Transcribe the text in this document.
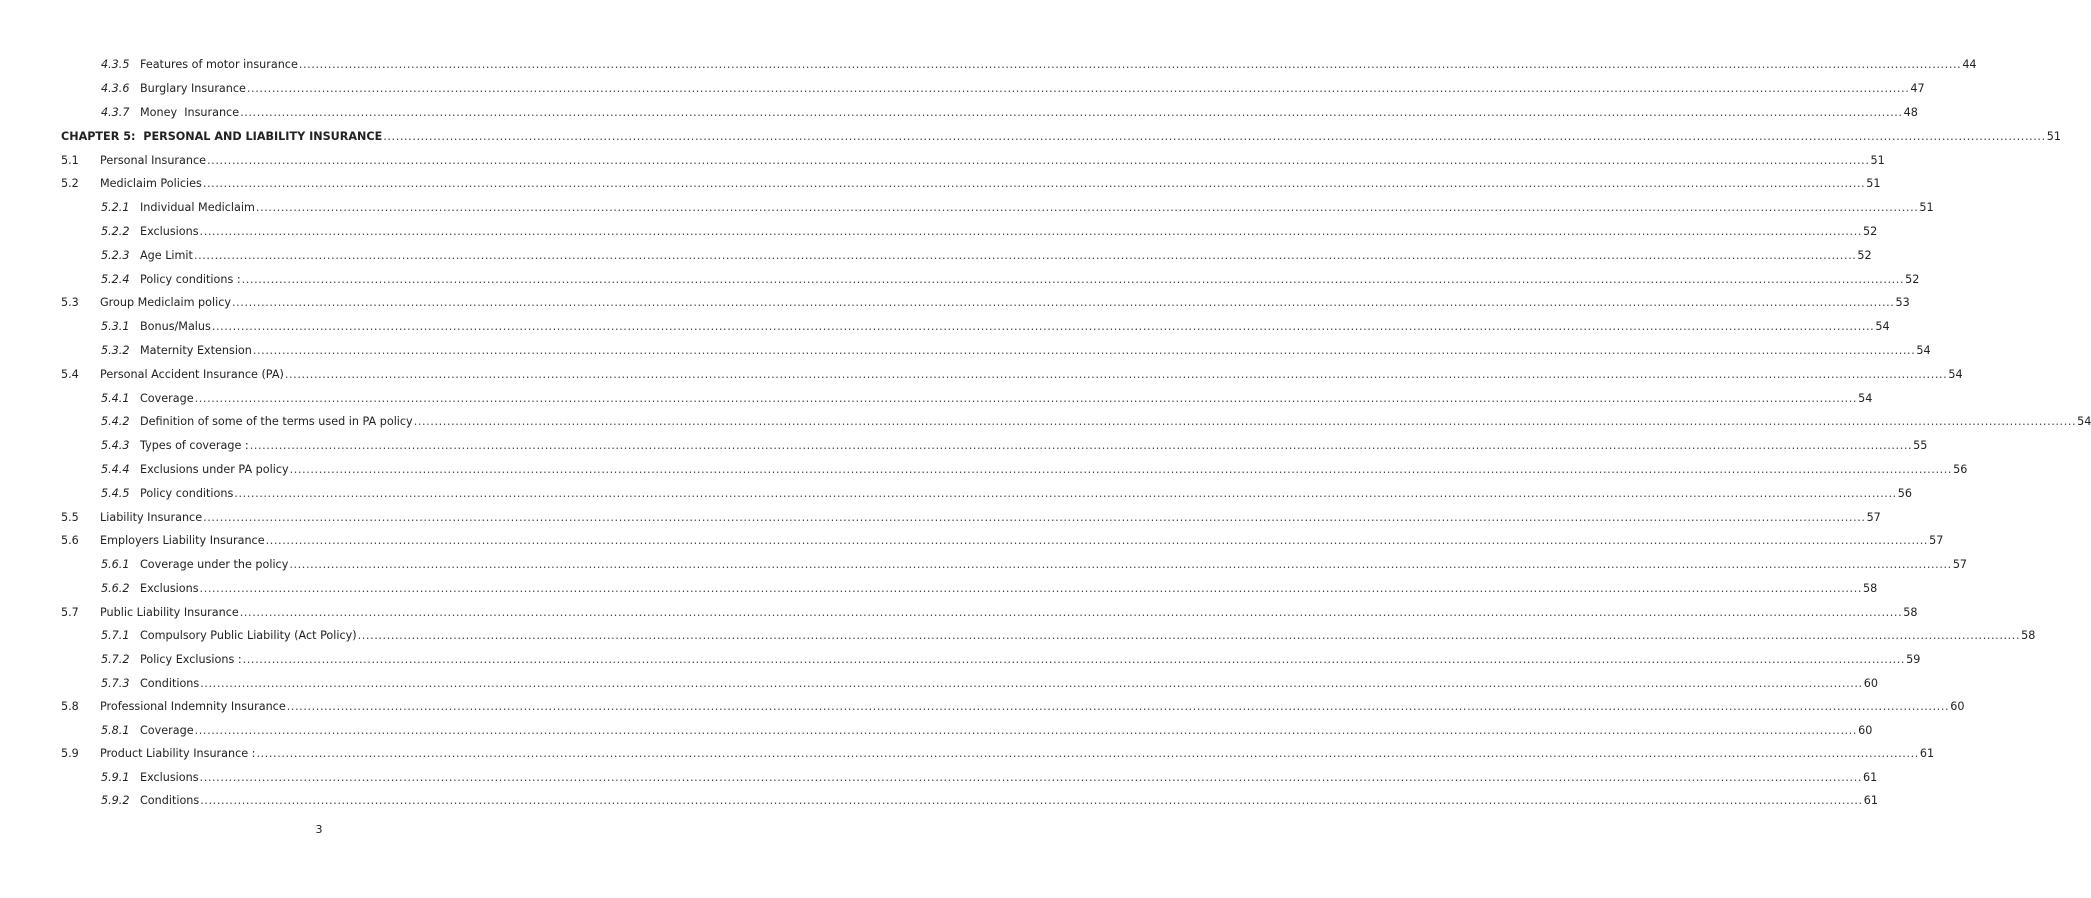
4.3.5 Features of motor insurance ................................................................................................................................................................................................................................................................................................................................................................................................................ 44
4.3.6 Burglary Insurance ................................................................................................................................................................................................................................................................................................................................................................................................................ 47
4.3.7 Money  Insurance ................................................................................................................................................................................................................................................................................................................................................................................................................ 48
CHAPTER 5:  PERSONAL AND LIABILITY INSURANCE ................................................................................................................................................................................................................................................................................................................................................................................................................ 51
5.1 Personal Insurance ................................................................................................................................................................................................................................................................................................................................................................................................................ 51
5.2 Mediclaim Policies ................................................................................................................................................................................................................................................................................................................................................................................................................ 51
5.2.1 Individual Mediclaim ................................................................................................................................................................................................................................................................................................................................................................................................................ 51
5.2.2 Exclusions ................................................................................................................................................................................................................................................................................................................................................................................................................ 52
5.2.3 Age Limit ................................................................................................................................................................................................................................................................................................................................................................................................................ 52
5.2.4 Policy conditions : ................................................................................................................................................................................................................................................................................................................................................................................................................ 52
5.3 Group Mediclaim policy ................................................................................................................................................................................................................................................................................................................................................................................................................ 53
5.3.1 Bonus/Malus ................................................................................................................................................................................................................................................................................................................................................................................................................ 54
5.3.2 Maternity Extension ................................................................................................................................................................................................................................................................................................................................................................................................................ 54
5.4 Personal Accident Insurance (PA) ................................................................................................................................................................................................................................................................................................................................................................................................................ 54
5.4.1 Coverage ................................................................................................................................................................................................................................................................................................................................................................................................................ 54
5.4.2 Definition of some of the terms used in PA policy ................................................................................................................................................................................................................................................................................................................................................................................................................ 54
5.4.3 Types of coverage : ................................................................................................................................................................................................................................................................................................................................................................................................................ 55
5.4.4 Exclusions under PA policy ................................................................................................................................................................................................................................................................................................................................................................................................................ 56
5.4.5 Policy conditions ................................................................................................................................................................................................................................................................................................................................................................................................................ 56
5.5 Liability Insurance ................................................................................................................................................................................................................................................................................................................................................................................................................ 57
5.6 Employers Liability Insurance ................................................................................................................................................................................................................................................................................................................................................................................................................ 57
5.6.1 Coverage under the policy ................................................................................................................................................................................................................................................................................................................................................................................................................ 57
5.6.2 Exclusions ................................................................................................................................................................................................................................................................................................................................................................................................................ 58
5.7 Public Liability Insurance ................................................................................................................................................................................................................................................................................................................................................................................................................ 58
5.7.1 Compulsory Public Liability (Act Policy) ................................................................................................................................................................................................................................................................................................................................................................................................................ 58
5.7.2 Policy Exclusions : ................................................................................................................................................................................................................................................................................................................................................................................................................ 59
5.7.3 Conditions ................................................................................................................................................................................................................................................................................................................................................................................................................ 60
5.8 Professional Indemnity Insurance ................................................................................................................................................................................................................................................................................................................................................................................................................ 60
5.8.1 Coverage ................................................................................................................................................................................................................................................................................................................................................................................................................ 60
5.9 Product Liability Insurance : ................................................................................................................................................................................................................................................................................................................................................................................................................ 61
5.9.1 Exclusions ................................................................................................................................................................................................................................................................................................................................................................................................................ 61
5.9.2 Conditions ................................................................................................................................................................................................................................................................................................................................................................................................................ 61
3
